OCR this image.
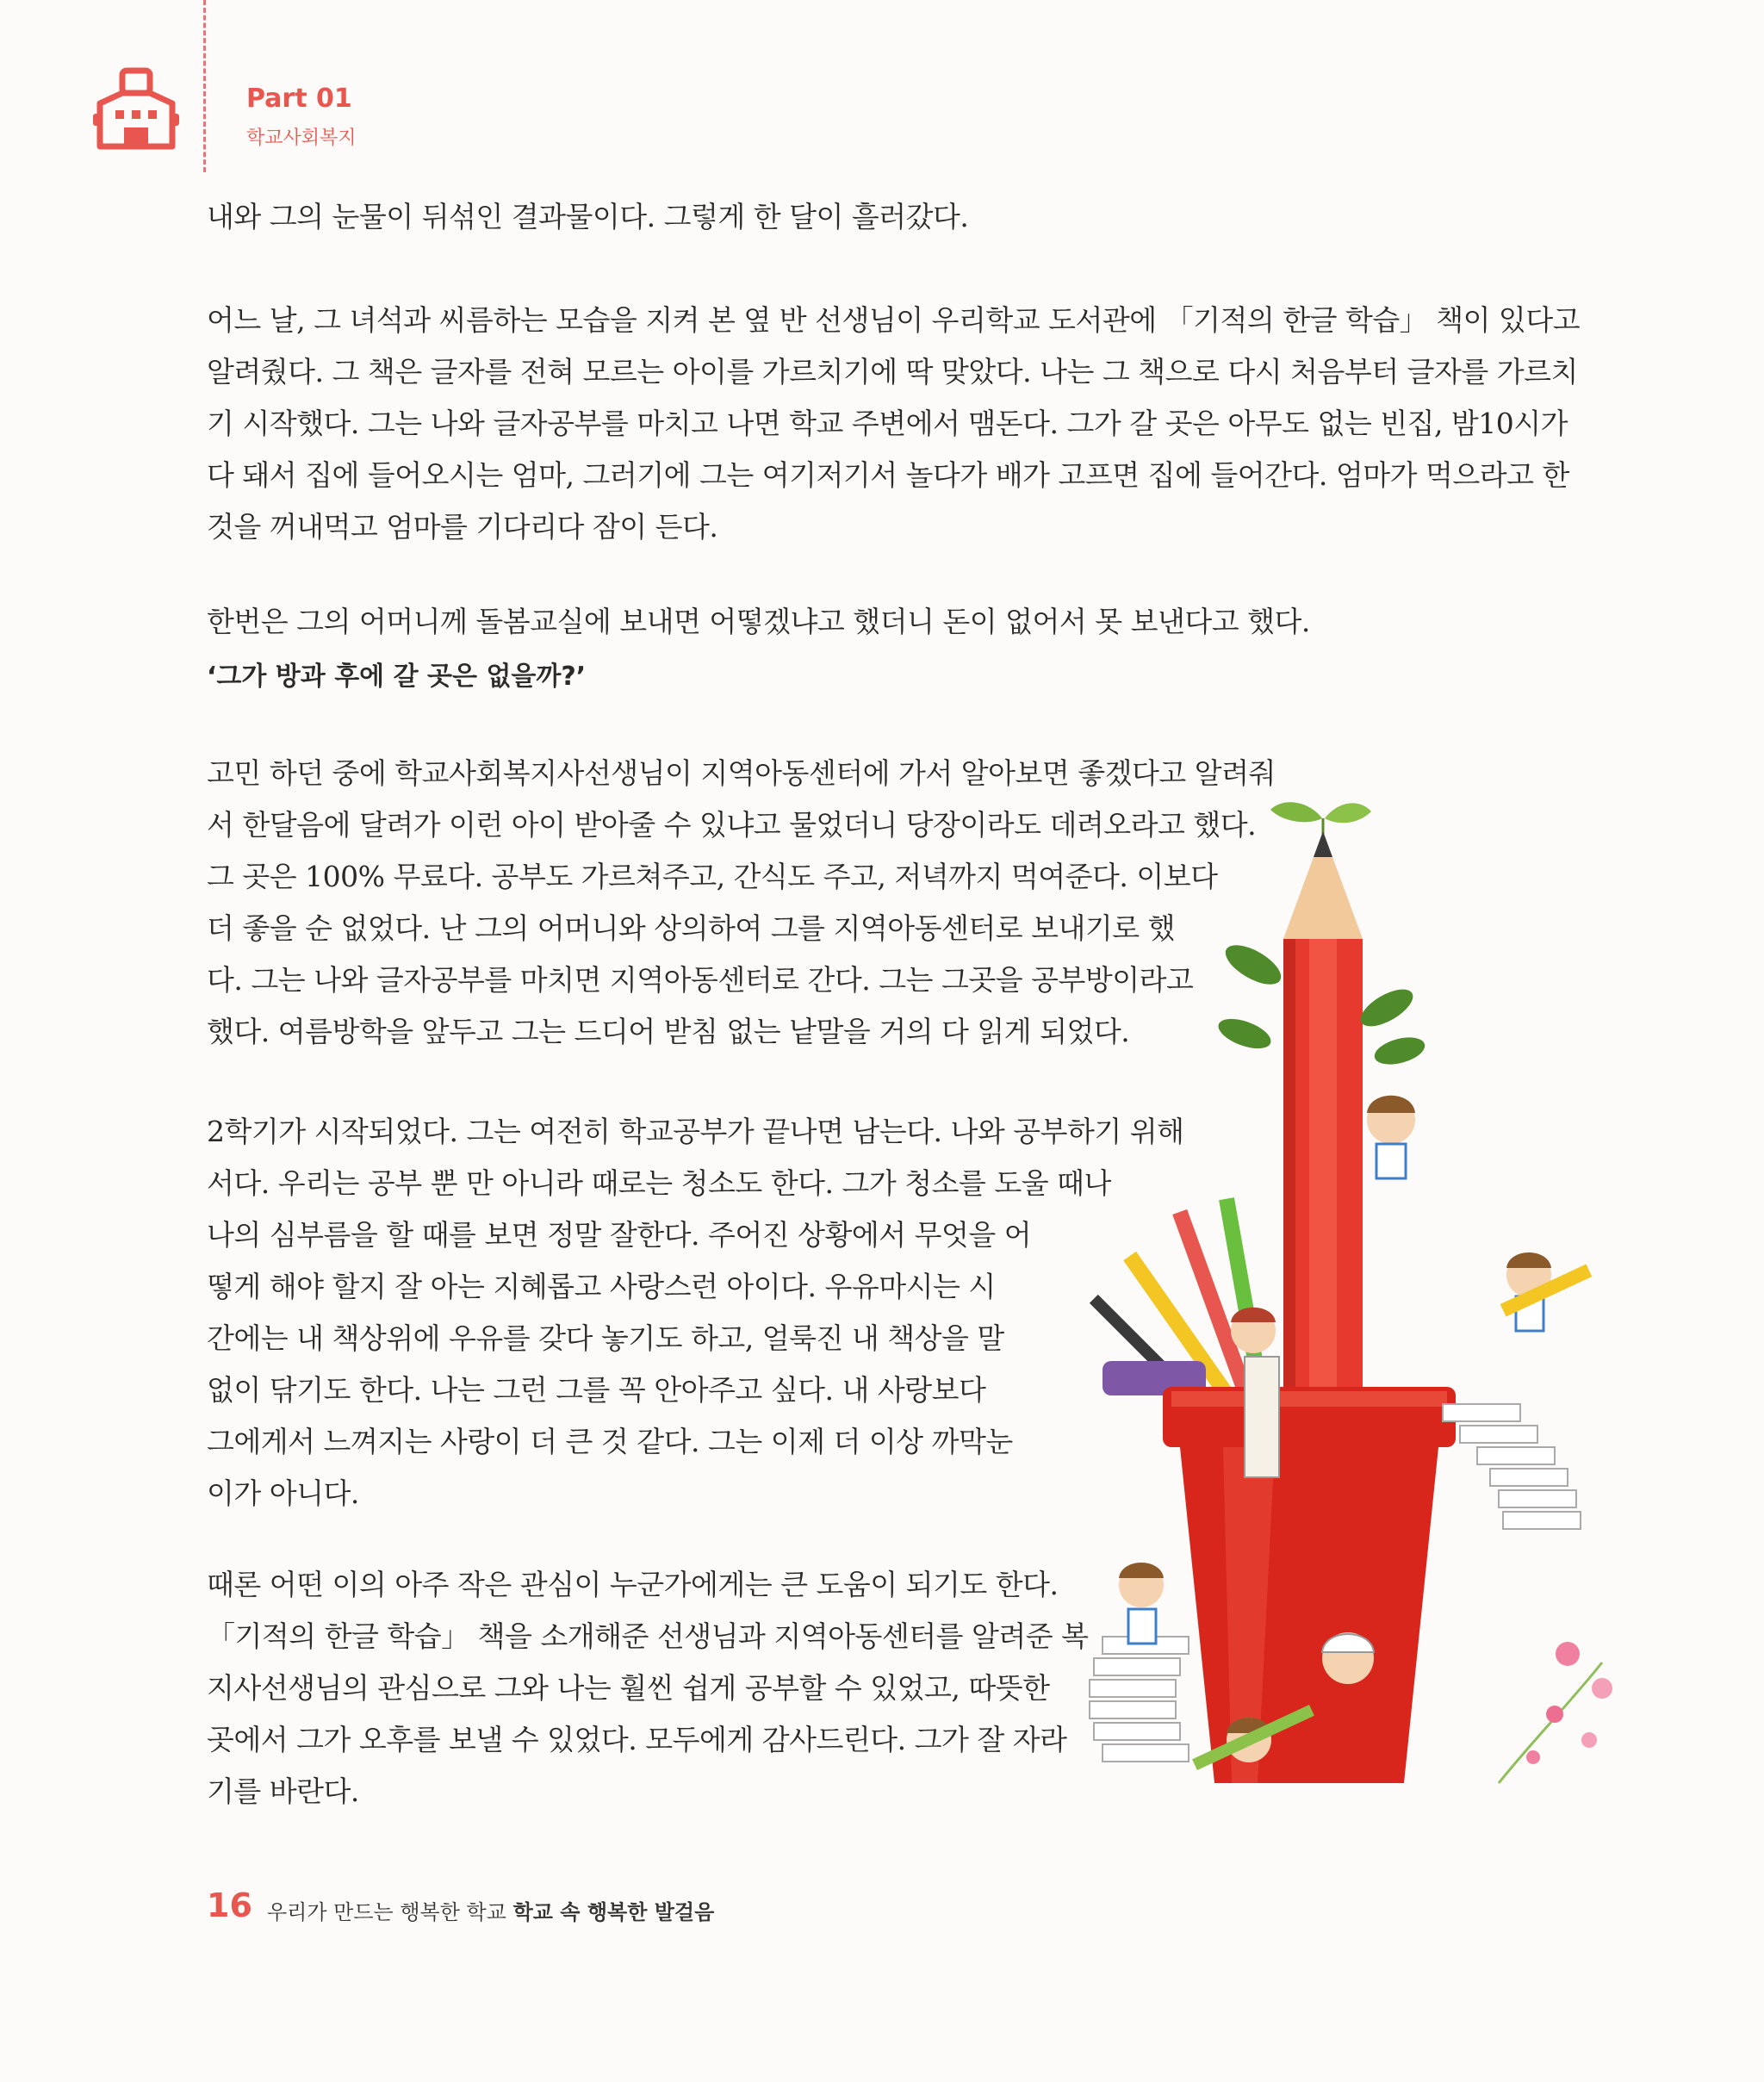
Part 01
학교사회복지

내와 그의 눈물이 뒤섞인 결과물이다. 그렇게 한 달이 흘러갔다.

어느 날, 그 녀석과 씨름하는 모습을 지켜 본 옆 반 선생님이 우리학교 도서관에 「기적의 한글 학습」 책이 있다고
알려줬다. 그 책은 글자를 전혀 모르는 아이를 가르치기에 딱 맞았다. 나는 그 책으로 다시 처음부터 글자를 가르치
기 시작했다. 그는 나와 글자공부를 마치고 나면 학교 주변에서 맴돈다. 그가 갈 곳은 아무도 없는 빈집, 밤10시가
다 돼서 집에 들어오시는 엄마, 그러기에 그는 여기저기서 놀다가 배가 고프면 집에 들어간다. 엄마가 먹으라고 한
것을 꺼내먹고 엄마를 기다리다 잠이 든다.

한번은 그의 어머니께 돌봄교실에 보내면 어떻겠냐고 했더니 돈이 없어서 못 보낸다고 했다.

‘그가 방과 후에 갈 곳은 없을까?’

고민 하던 중에 학교사회복지사선생님이 지역아동센터에 가서 알아보면 좋겠다고 알려줘
서 한달음에 달려가 이런 아이 받아줄 수 있냐고 물었더니 당장이라도 데려오라고 했다.
그 곳은 100% 무료다. 공부도 가르쳐주고, 간식도 주고, 저녁까지 먹여준다. 이보다
더 좋을 순 없었다. 난 그의 어머니와 상의하여 그를 지역아동센터로 보내기로 했
다. 그는 나와 글자공부를 마치면 지역아동센터로 간다. 그는 그곳을 공부방이라고
했다. 여름방학을 앞두고 그는 드디어 받침 없는 낱말을 거의 다 읽게 되었다.

2학기가 시작되었다. 그는 여전히 학교공부가 끝나면 남는다. 나와 공부하기 위해
서다. 우리는 공부 뿐 만 아니라 때로는 청소도 한다. 그가 청소를 도울 때나
나의 심부름을 할 때를 보면 정말 잘한다. 주어진 상황에서 무엇을 어
떻게 해야 할지 잘 아는 지혜롭고 사랑스런 아이다. 우유마시는 시
간에는 내 책상위에 우유를 갖다 놓기도 하고, 얼룩진 내 책상을 말
없이 닦기도 한다. 나는 그런 그를 꼭 안아주고 싶다. 내 사랑보다
그에게서 느껴지는 사랑이 더 큰 것 같다. 그는 이제 더 이상 까막눈
이가 아니다.

때론 어떤 이의 아주 작은 관심이 누군가에게는 큰 도움이 되기도 한다.
「기적의 한글 학습」 책을 소개해준 선생님과 지역아동센터를 알려준 복
지사선생님의 관심으로 그와 나는 훨씬 쉽게 공부할 수 있었고, 따뜻한
곳에서 그가 오후를 보낼 수 있었다. 모두에게 감사드린다. 그가 잘 자라
기를 바란다.

16 우리가 만드는 행복한 학교 학교 속 행복한 발걸음
